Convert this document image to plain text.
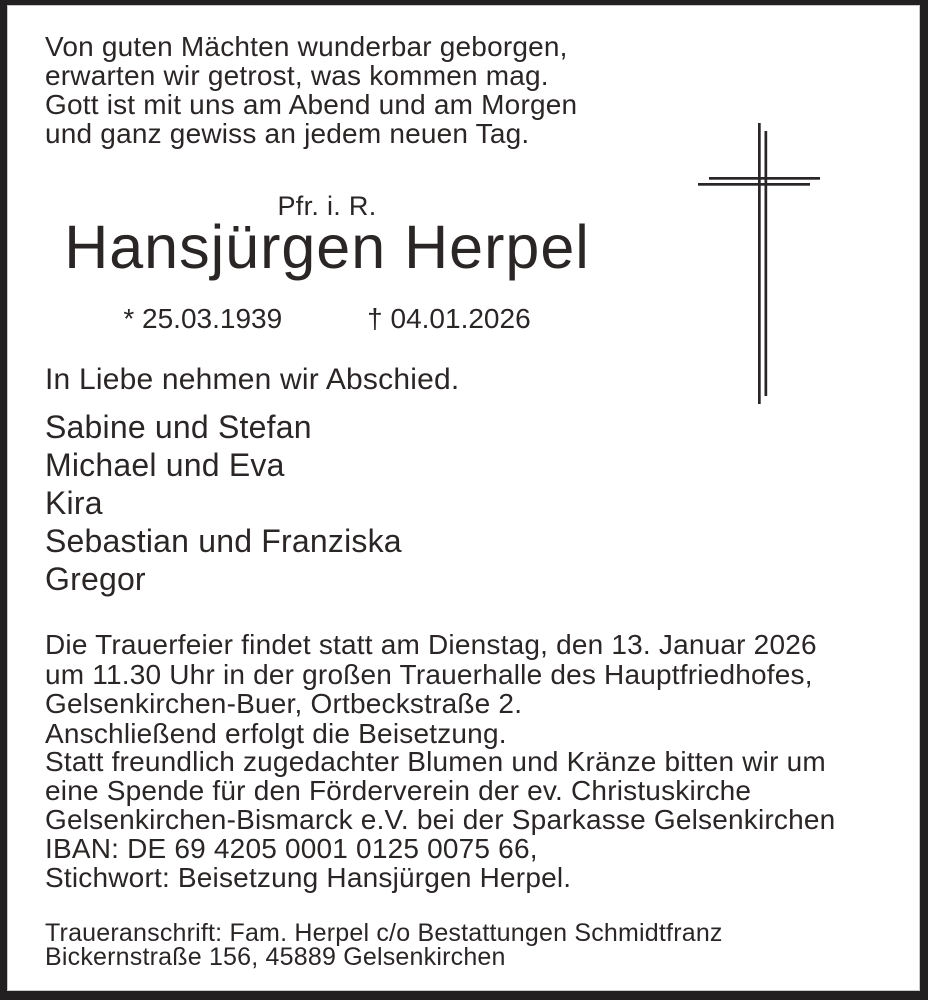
Von guten Mächten wunderbar geborgen,
erwarten wir getrost, was kommen mag.
Gott ist mit uns am Abend und am Morgen
und ganz gewiss an jedem neuen Tag.
Pfr. i. R.
Hansjürgen Herpel
* 25.03.1939	† 04.01.2026
In Liebe nehmen wir Abschied.
Sabine und Stefan
Michael und Eva
Kira
Sebastian und Franziska
Gregor
Die Trauerfeier findet statt am Dienstag, den 13. Januar 2026
um 11.30 Uhr in der großen Trauerhalle des Hauptfriedhofes,
Gelsenkirchen-Buer, Ortbeckstraße 2.
Anschließend erfolgt die Beisetzung.
Statt freundlich zugedachter Blumen und Kränze bitten wir um
eine Spende für den Förderverein der ev. Christuskirche
Gelsenkirchen-Bismarck e.V. bei der Sparkasse Gelsenkirchen
IBAN: DE 69 4205 0001 0125 0075 66,
Stichwort: Beisetzung Hansjürgen Herpel.
Traueranschrift: Fam. Herpel c/o Bestattungen Schmidtfranz
Bickernstraße 156, 45889 Gelsenkirchen
